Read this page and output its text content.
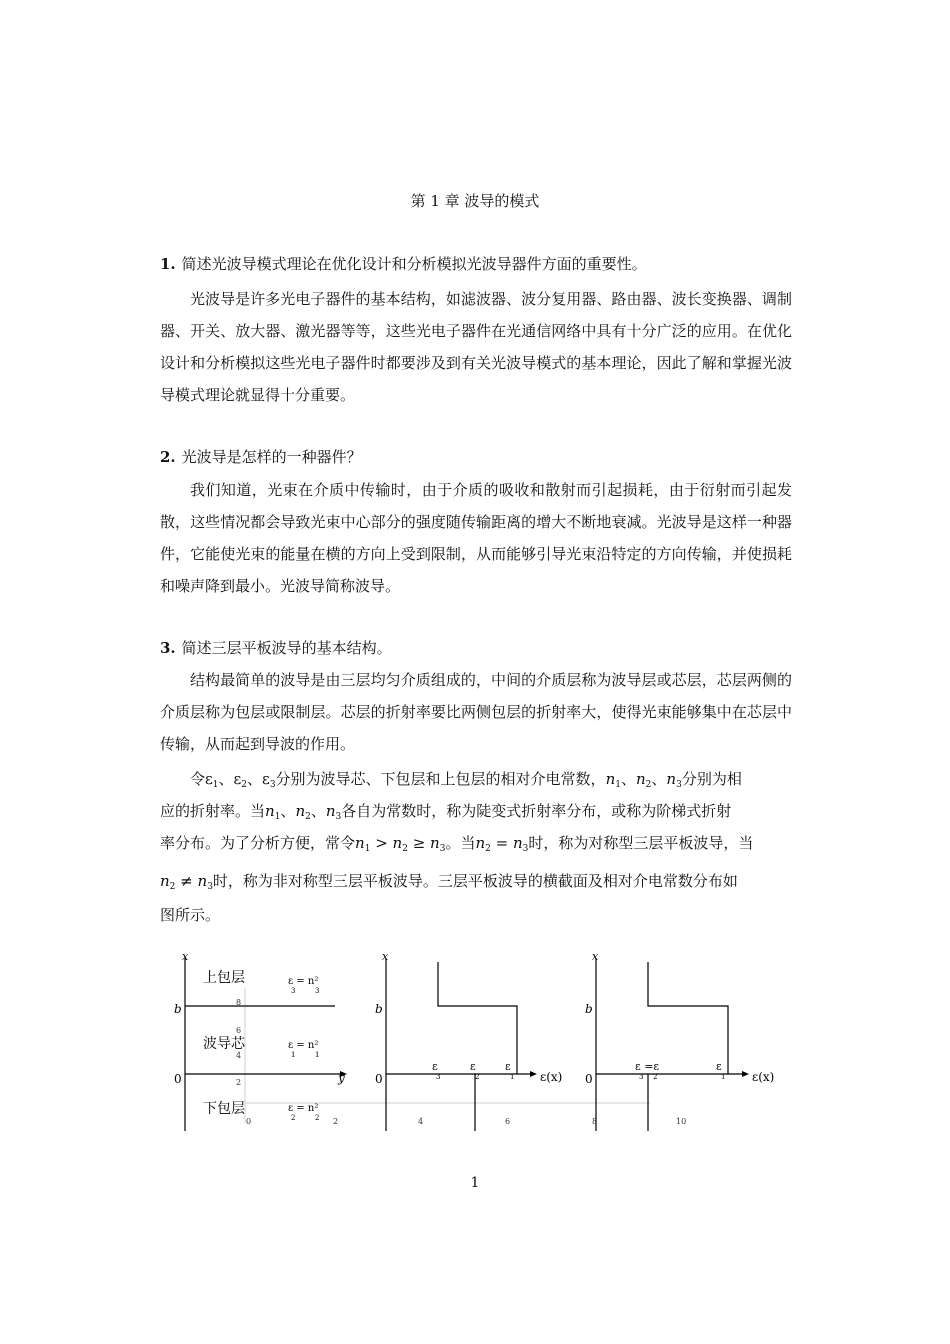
第 1 章 波导的模式
1. 简述光波导模式理论在优化设计和分析模拟光波导器件方面的重要性。
光波导是许多光电子器件的基本结构，如滤波器、波分复用器、路由器、波长变换器、调制器、开关、放大器、激光器等等，这些光电子器件在光通信网络中具有十分广泛的应用。在优化设计和分析模拟这些光电子器件时都要涉及到有关光波导模式的基本理论，因此了解和掌握光波导模式理论就显得十分重要。
2. 光波导是怎样的一种器件？
我们知道，光束在介质中传输时，由于介质的吸收和散射而引起损耗，由于衍射而引起发散，这些情况都会导致光束中心部分的强度随传输距离的增大不断地衰减。光波导是这样一种器件，它能使光束的能量在横的方向上受到限制，从而能够引导光束沿特定的方向传输，并使损耗和噪声降到最小。光波导简称波导。
3. 简述三层平板波导的基本结构。
结构最简单的波导是由三层均匀介质组成的，中间的介质层称为波导层或芯层，芯层两侧的介质层称为包层或限制层。芯层的折射率要比两侧包层的折射率大，使得光束能够集中在芯层中传输，从而起到导波的作用。
令$\varepsilon_1$、$\varepsilon_2$、$\varepsilon_3$分别为波导芯、下包层和上包层的相对介电常数，$n_1$、$n_2$、$n_3$分别为相
应的折射率。当$n_1$、$n_2$、$n_3$各自为常数时，称为陡变式折射率分布，或称为阶梯式折射
率分布。为了分析方便，常令$n_1 > n_2 \ge n_3$。当$n_2 = n_3$时，称为对称型三层平板波导，当
$n_2 \ne n_3$时，称为非对称型三层平板波导。三层平板波导的横截面及相对介电常数分布如
图所示。
8
6
4
2
0	2	4	6	8	10
x
b
0	y
上包层
波导芯
下包层
ε = n²
3	3
ε = n²
1	1
ε = n²
2	2
x
b
0
ε
3
ε
2
ε
1 ε(x)
x
b
0
ε =ε
3 2
ε
1 ε(x)
1
